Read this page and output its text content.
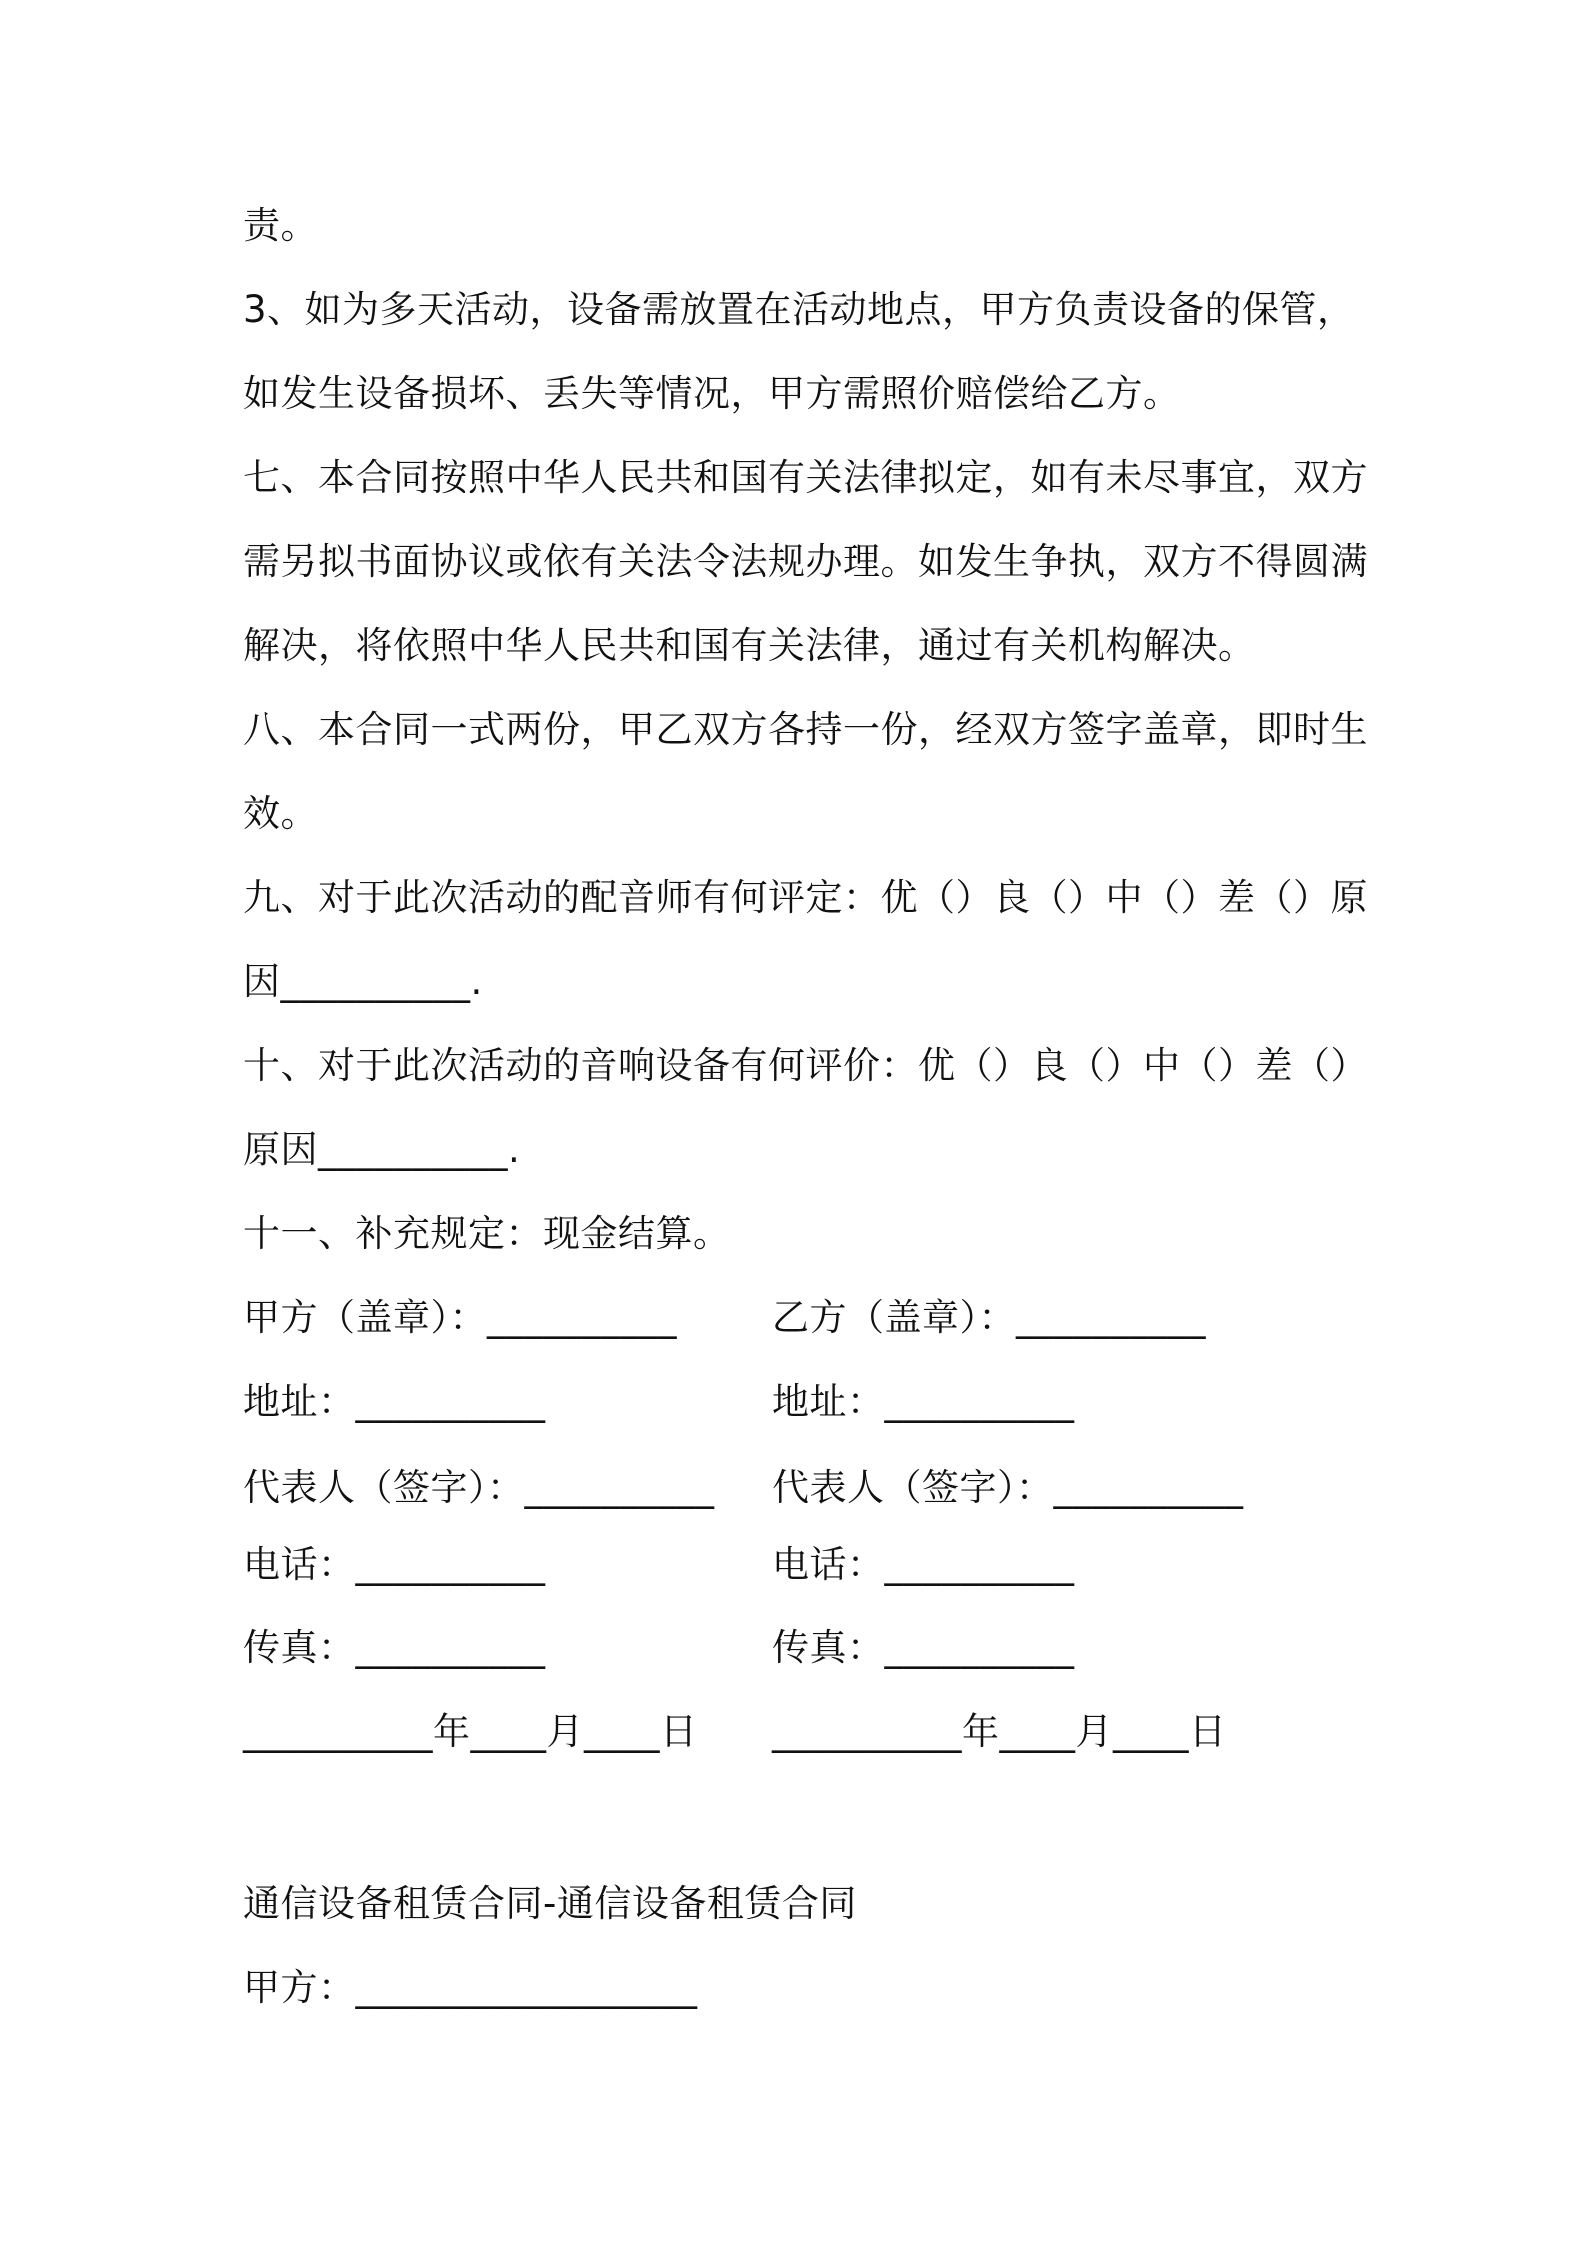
责。
3、如为多天活动，设备需放置在活动地点，甲方负责设备的保管，
如发生设备损坏、丢失等情况，甲方需照价赔偿给乙方。
七、本合同按照中华人民共和国有关法律拟定，如有未尽事宜，双方
需另拟书面协议或依有关法令法规办理。如发生争执，双方不得圆满
解决，将依照中华人民共和国有关法律，通过有关机构解决。
八、本合同一式两份，甲乙双方各持一份，经双方签字盖章，即时生
效。
九、对于此次活动的配音师有何评定：优（）良（）中（）差（）原
因__________.
十、对于此次活动的音响设备有何评价：优（）良（）中（）差（）
原因__________.
十一、补充规定：现金结算。
甲方（盖章）：__________	乙方（盖章）：__________
地址：__________	地址：__________
代表人（签字）：__________ 代表人（签字）：__________
电话：__________	电话：__________
传真：__________	传真：__________
__________年____月____日 __________年____月____日
通信设备租赁合同-通信设备租赁合同
甲方：__________________
